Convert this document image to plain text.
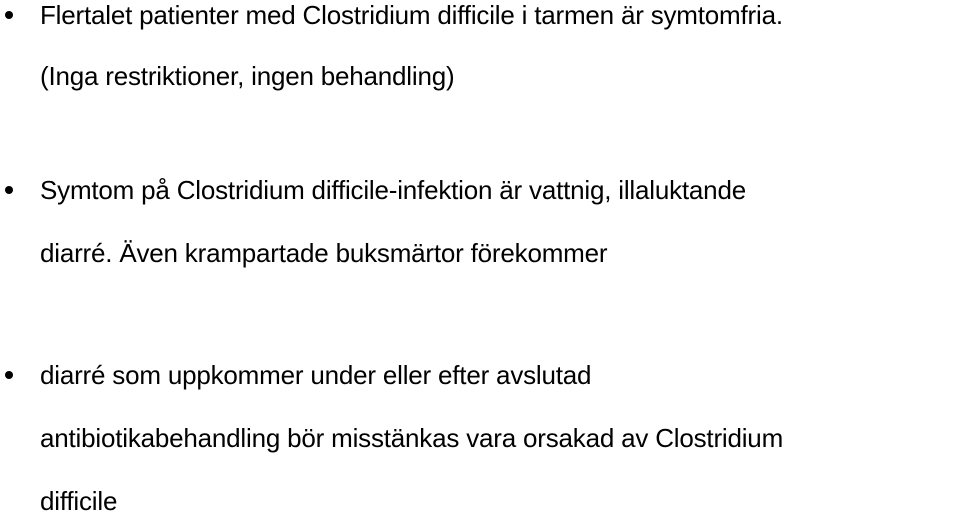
Flertalet patienter med Clostridium difficile i tarmen är symtomfria.
(Inga restriktioner, ingen behandling)
Symtom på Clostridium difficile-infektion är vattnig, illaluktande
diarré. Även krampartade buksmärtor förekommer
diarré som uppkommer under eller efter avslutad
antibiotikabehandling bör misstänkas vara orsakad av Clostridium
difficile
